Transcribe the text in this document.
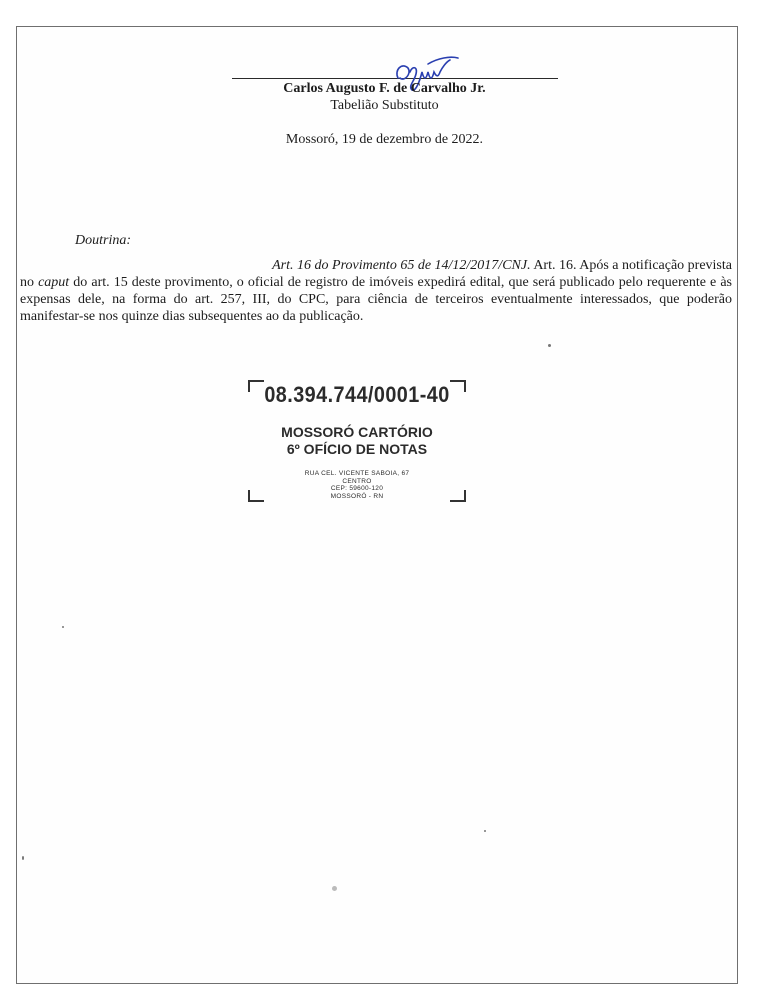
Carlos Augusto F. de Carvalho Jr.
Tabelião Substituto
Mossoró, 19 de dezembro de 2022.
Doutrina:
Art. 16 do Provimento 65 de 14/12/2017/CNJ. Art. 16. Após a notificação prevista
no caput do art. 15 deste provimento, o oficial de registro de imóveis expedirá edital, que será publicado pelo requerente e às expensas dele, na forma do art. 257, III, do CPC, para ciência de terceiros eventualmente interessados, que poderão manifestar-se nos quinze dias subsequentes ao da publicação.
08.394.744/0001-40
MOSSORÓ CARTÓRIO
6º OFÍCIO DE NOTAS
RUA CEL. VICENTE SABOIA, 67
CENTRO
CEP: 59600-120
MOSSORÓ - RN
